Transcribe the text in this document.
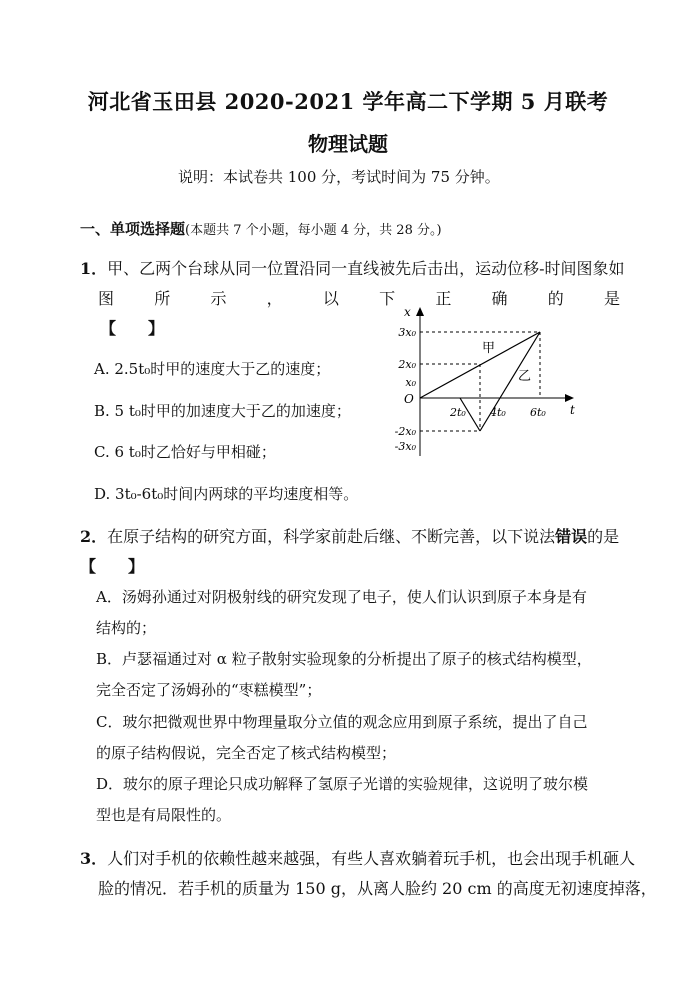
河北省玉田县 2020-2021 学年高二下学期 5 月联考
物理试题
说明：本试卷共 100 分，考试时间为 75 分钟。
一、单项选择题(本题共 7 个小题，每小题 4 分，共 28 分。)
1．甲、乙两个台球从同一位置沿同一直线被先后击出，运动位移-时间图象如
图	所	示	，	以	下	正	确	的	是
【　　】
A. 2.5t₀时甲的速度大于乙的速度；
B. 5 t₀时甲的加速度大于乙的加速度；
C. 6 t₀时乙恰好与甲相碰；
D. 3t₀-6t₀时间内两球的平均速度相等。
x
t
O
3x₀
2x₀
x₀
-2x₀
-3x₀
2t₀ 4t₀ 6t₀
甲
乙
2．在原子结构的研究方面，科学家前赴后继、不断完善，以下说法错误的是
【　　】
A．汤姆孙通过对阴极射线的研究发现了电子，使人们认识到原子本身是有
结构的；
B．卢瑟福通过对 α 粒子散射实验现象的分析提出了原子的核式结构模型，
完全否定了汤姆孙的“枣糕模型”；
C．玻尔把微观世界中物理量取分立值的观念应用到原子系统，提出了自己
的原子结构假说，完全否定了核式结构模型；
D．玻尔的原子理论只成功解释了氢原子光谱的实验规律，这说明了玻尔模
型也是有局限性的。
3．人们对手机的依赖性越来越强，有些人喜欢躺着玩手机，也会出现手机砸人
脸的情况．若手机的质量为 150 g，从离人脸约 20 cm 的高度无初速度掉落，
